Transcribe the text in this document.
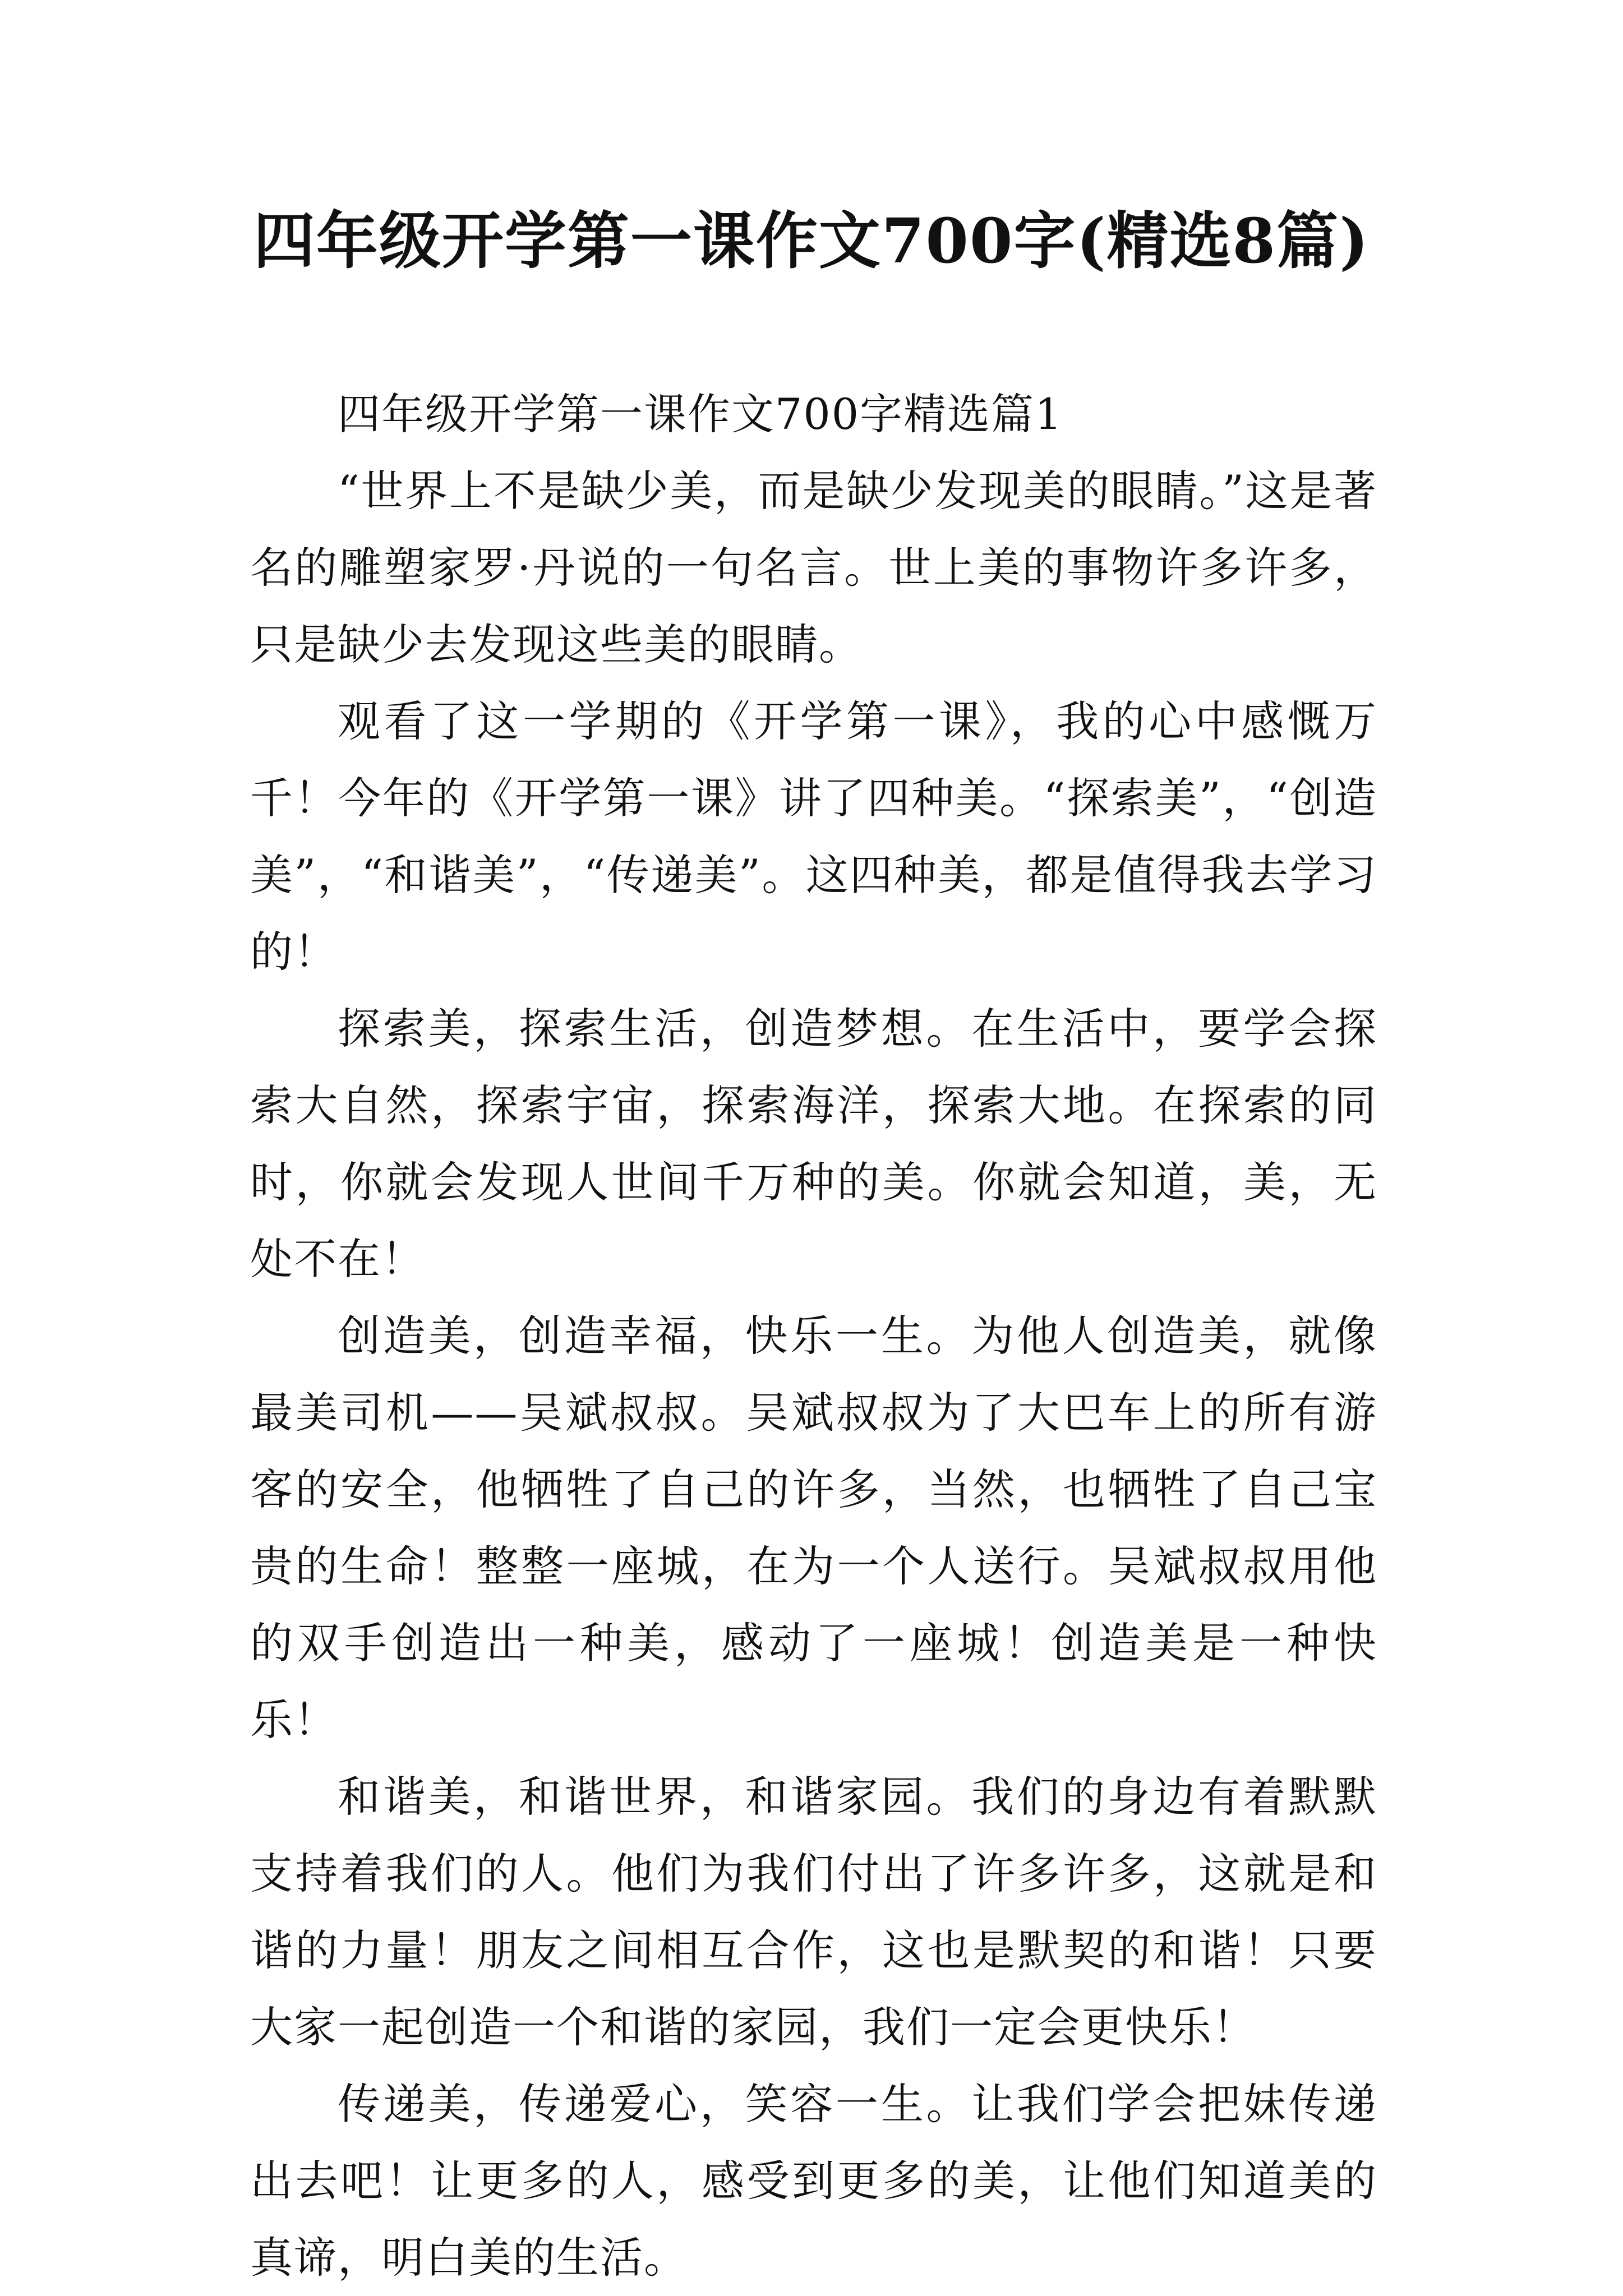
四年级开学第一课作文700字(精选8篇)

四年级开学第一课作文700字精选篇1

“世界上不是缺少美，而是缺少发现美的眼睛。”这是著名的雕塑家罗·丹说的一句名言。世上美的事物许多许多，只是缺少去发现这些美的眼睛。

观看了这一学期的《开学第一课》，我的心中感慨万千！今年的《开学第一课》讲了四种美。“探索美”，“创造美”，“和谐美”，“传递美”。这四种美，都是值得我去学习的！

探索美，探索生活，创造梦想。在生活中，要学会探索大自然，探索宇宙，探索海洋，探索大地。在探索的同时，你就会发现人世间千万种的美。你就会知道，美，无处不在！

创造美，创造幸福，快乐一生。为他人创造美，就像最美司机——吴斌叔叔。吴斌叔叔为了大巴车上的所有游客的安全，他牺牲了自己的许多，当然，也牺牲了自己宝贵的生命！整整一座城，在为一个人送行。吴斌叔叔用他的双手创造出一种美，感动了一座城！创造美是一种快乐！

和谐美，和谐世界，和谐家园。我们的身边有着默默支持着我们的人。他们为我们付出了许多许多，这就是和谐的力量！朋友之间相互合作，这也是默契的和谐！只要大家一起创造一个和谐的家园，我们一定会更快乐！

传递美，传递爱心，笑容一生。让我们学会把妹传递出去吧！让更多的人，感受到更多的美，让他们知道美的真谛，明白美的生活。
